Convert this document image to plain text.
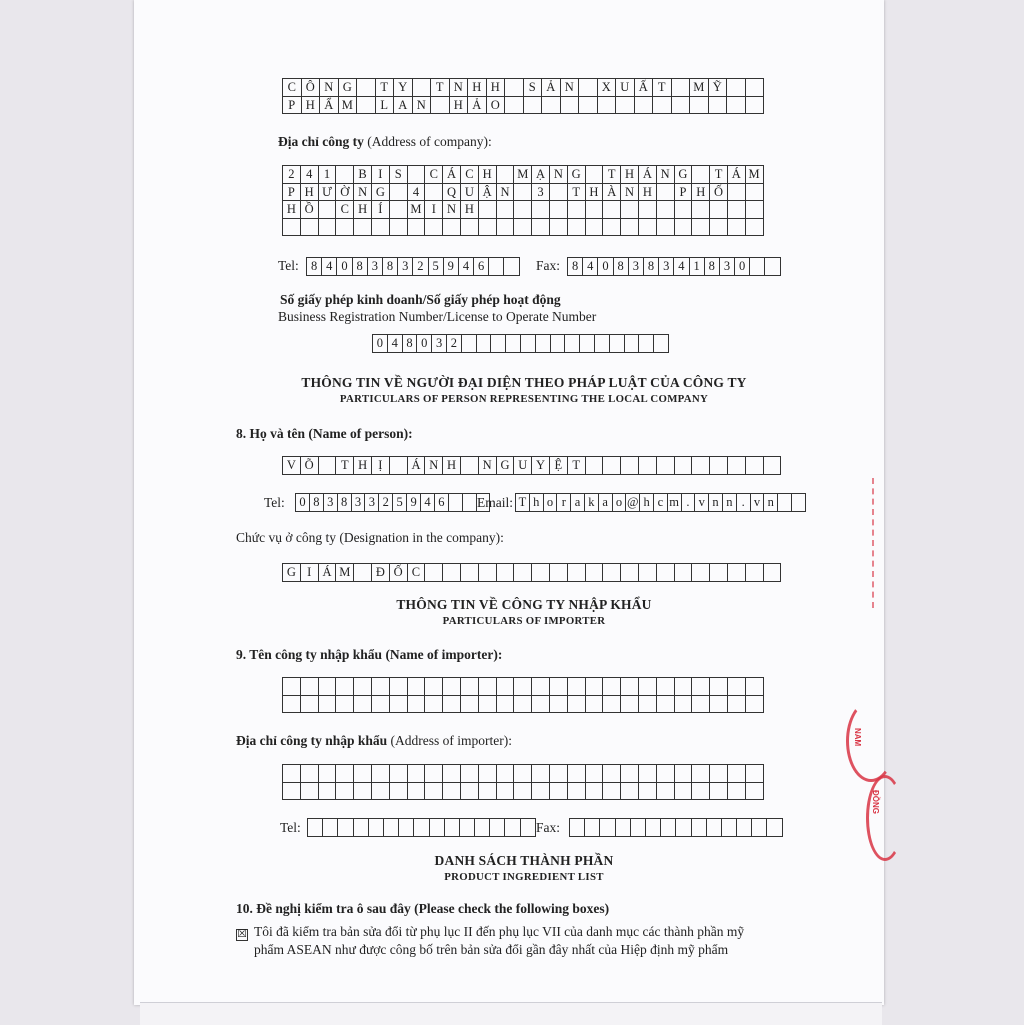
C Ô N G	T Y	T N H H	S Ả N	X U Ấ T	M Ỹ
P H Ẩ M	L A N	H Ả O
Địa chỉ công ty (Address of company):
2 4 1	B I S	C Á C H	M Ạ N G	T H Á N G	T Á M
P H Ư Ờ N G	4	Q U Ậ N	3	T H À N H	P H Ố
H Ồ	C H Í	M I N H
Tel: 8 4 0 8 3 8 3 2 5 9 4 6	Fax: 8 4 0 8 3 8 3 4 1 8 3 0
Số giấy phép kinh doanh/Số giấy phép hoạt động
Business Registration Number/License to Operate Number
0 4 8 0 3 2
THÔNG TIN VỀ NGƯỜI ĐẠI DIỆN THEO PHÁP LUẬT CỦA CÔNG TY
PARTICULARS OF PERSON REPRESENTING THE LOCAL COMPANY
8. Họ và tên (Name of person):
V Õ	T H Ị	Á N H	N G U Y Ệ T
Tel: 0 8 3 8 3 3 2 5 9 4 6	Email: T h o r a k a o @ h c m . v n n . v n
Chức vụ ở công ty (Designation in the company):
G I Á M	Đ Ố C
THÔNG TIN VỀ CÔNG TY NHẬP KHẨU
PARTICULARS OF IMPORTER
9. Tên công ty nhập khẩu (Name of importer):
Địa chỉ công ty nhập khẩu (Address of importer):
Tel:	Fax:
DANH SÁCH THÀNH PHẦN
PRODUCT INGREDIENT LIST
10. Đề nghị kiểm tra ô sau đây (Please check the following boxes)
☒ Tôi đã kiểm tra bản sửa đổi từ phụ lục II đến phụ lục VII của danh mục các thành phần mỹ
phẩm ASEAN như được công bố trên bản sửa đổi gần đây nhất của Hiệp định mỹ phẩm
NAM
ĐỒNG
